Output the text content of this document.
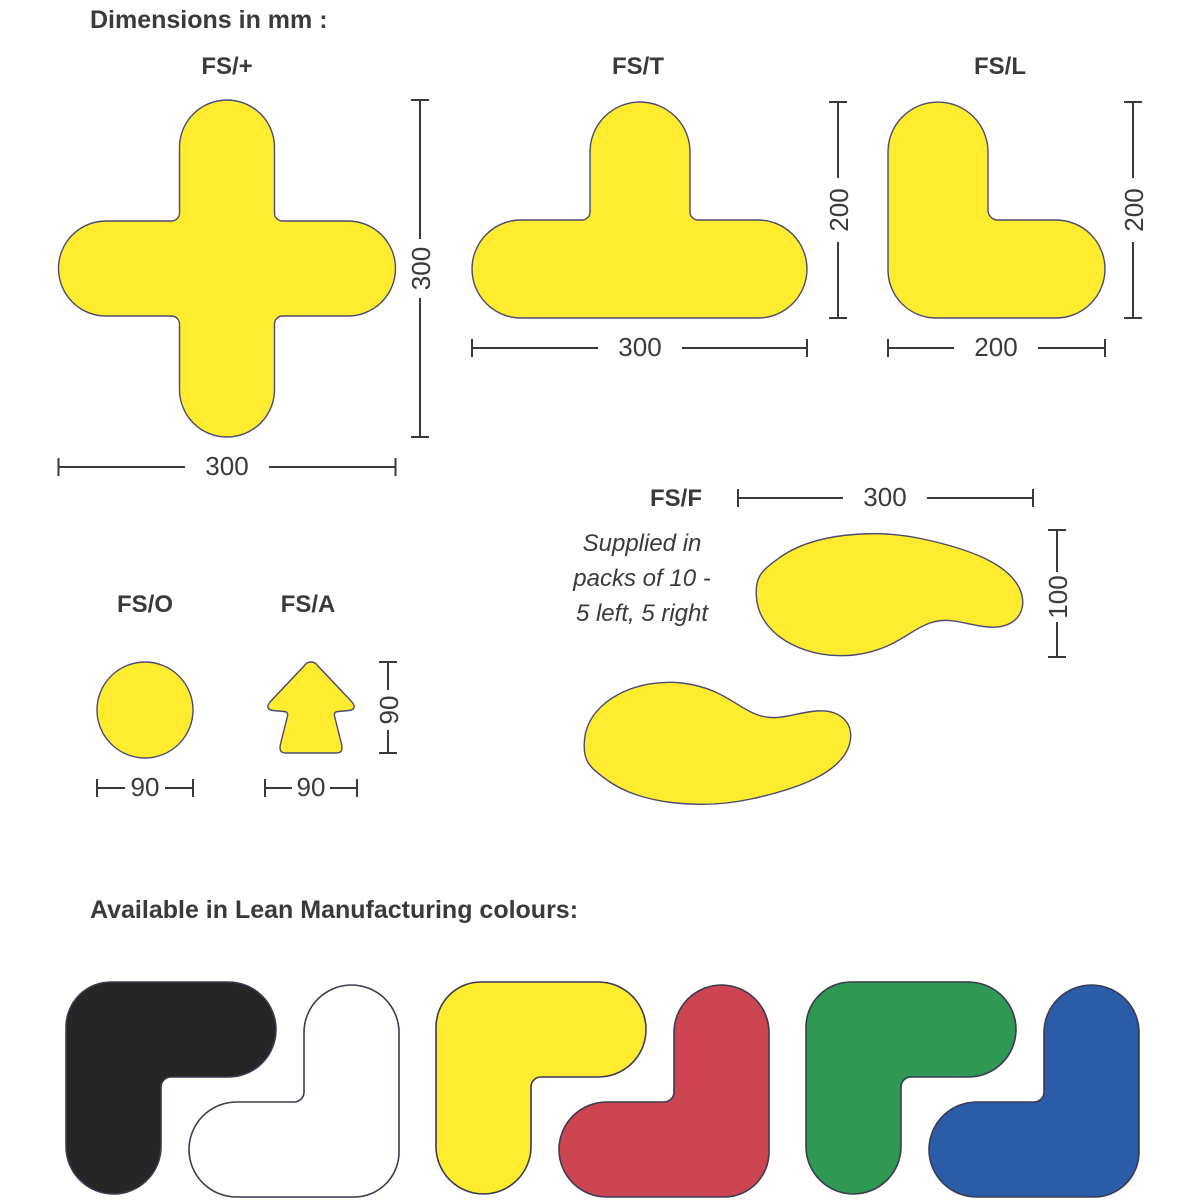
Dimensions in mm :
FS/+	FS/T	FS/L
FS/F
FS/O	FS/A
Supplied in
packs of 10 -
5 left, 5 right
300
300
200
300
200
200
300
100
90	90
90
Available in Lean Manufacturing colours:
